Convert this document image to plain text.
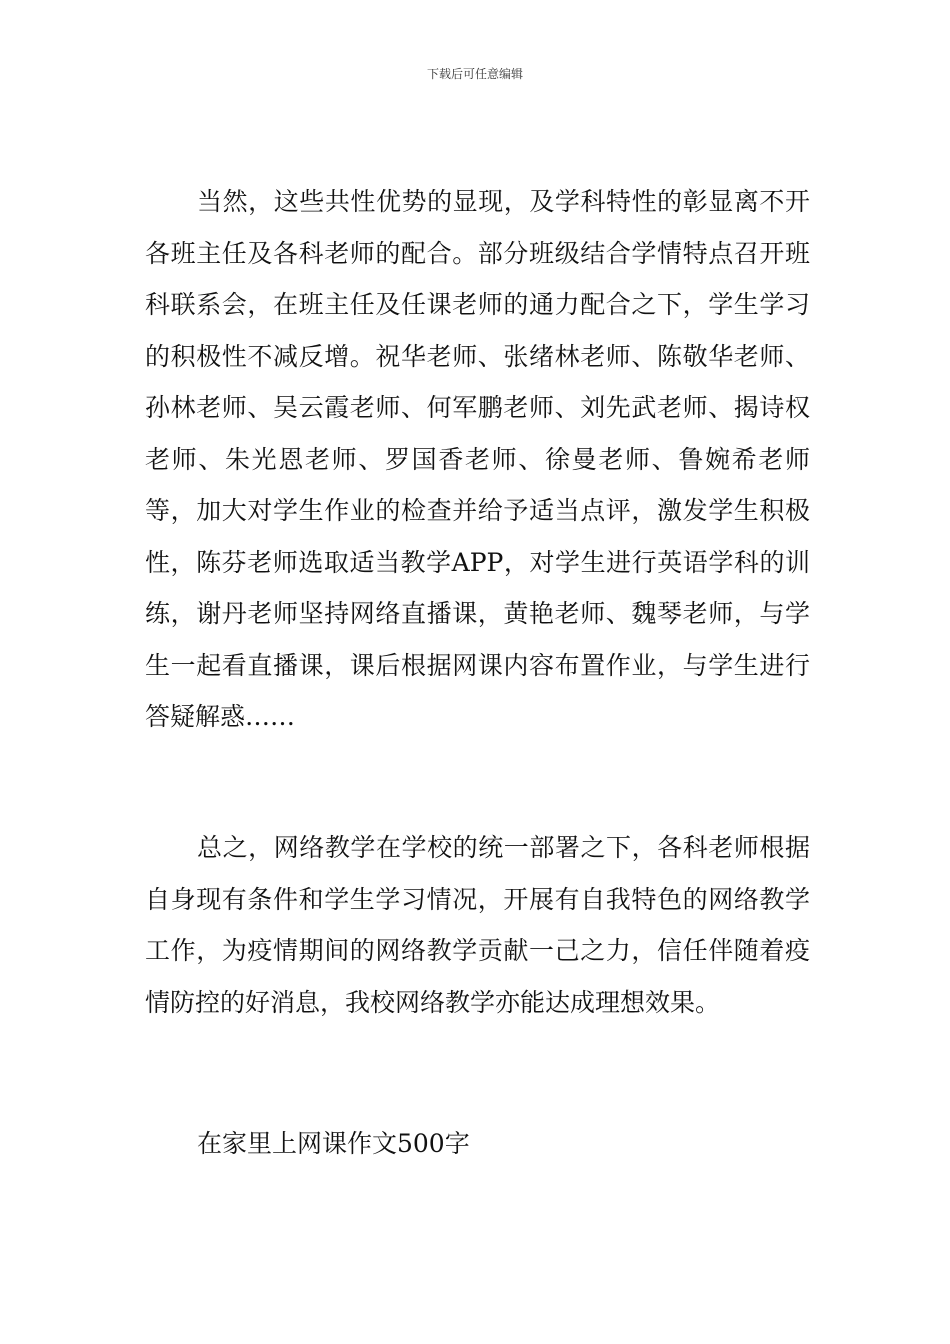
下载后可任意编辑

当然，这些共性优势的显现，及学科特性的彰显离不开各班主任及各科老师的配合。部分班级结合学情特点召开班科联系会，在班主任及任课老师的通力配合之下，学生学习的积极性不减反增。祝华老师、张绪林老师、陈敬华老师、孙林老师、吴云霞老师、何军鹏老师、刘先武老师、揭诗权老师、朱光恩老师、罗国香老师、徐曼老师、鲁婉希老师等，加大对学生作业的检查并给予适当点评，激发学生积极性，陈芬老师选取适当教学APP，对学生进行英语学科的训练，谢丹老师坚持网络直播课，黄艳老师、魏琴老师，与学生一起看直播课，课后根据网课内容布置作业，与学生进行答疑解惑……

总之，网络教学在学校的统一部署之下，各科老师根据自身现有条件和学生学习情况，开展有自我特色的网络教学工作，为疫情期间的网络教学贡献一己之力，信任伴随着疫情防控的好消息，我校网络教学亦能达成理想效果。

在家里上网课作文500字
